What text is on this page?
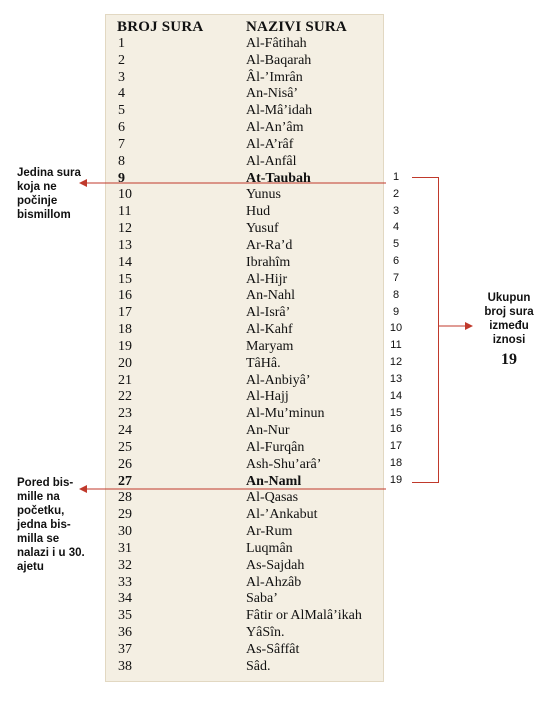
BROJ SURA	NAZIVI SURA
1	Al-Fâtihah
2	Al-Baqarah
3	Âl-’Imrân
4	An-Nisâ’
5	Al-Mâ’idah
6	Al-An’âm
7	Al-A’râf
8	Al-Anfâl
9	At-Taubah
10	Yunus
11	Hud
12	Yusuf
13	Ar-Ra’d
14	Ibrahîm
15	Al-Hijr
16	An-Nahl
17	Al-Isrâ’
18	Al-Kahf
19	Maryam
20	TâHâ.
21	Al-Anbiyâ’
22	Al-Hajj
23	Al-Mu’minun
24	An-Nur
25	Al-Furqân
26	Ash-Shu’arâ’
27	An-Naml
28	Al-Qasas
29	Al-’Ankabut
30	Ar-Rum
31	Luqmân
32	As-Sajdah
33	Al-Ahzâb
34	Saba’
35	Fâtir or AlMalâ’ikah
36	YâSîn.
37	As-Sâffât
38	Sâd.
1
2
3
4
5
6
7
8
9
10
11
12
13
14
15
16
17
18
19
Jedina sura koja ne počinje bismillom
Pored bis-mille na početku, jedna bis-milla se nalazi i u 30. ajetu
Ukupun broj sura između iznosi
19
